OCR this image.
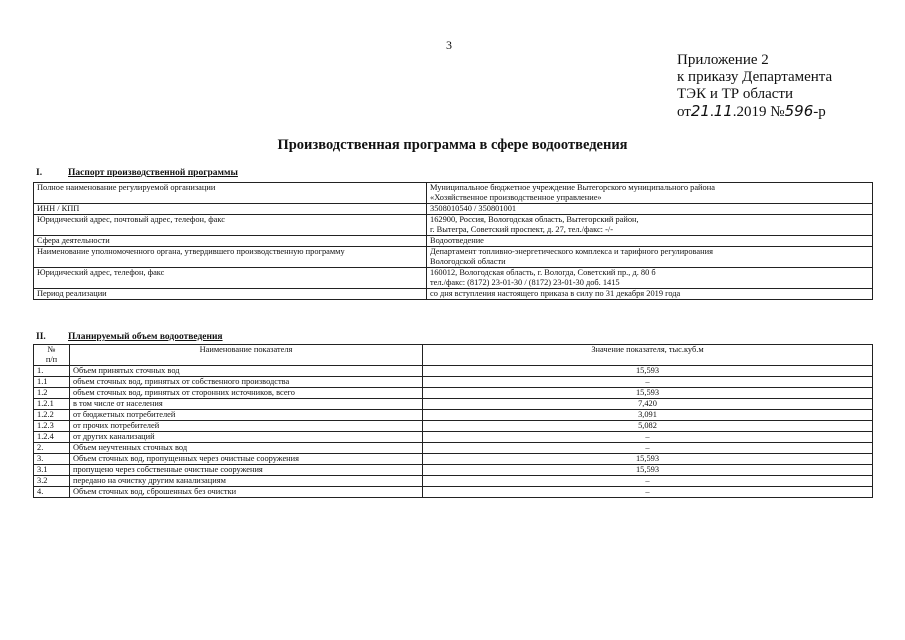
3
Приложение 2
к приказу Департамента
ТЭК и ТР области
от21.11.2019 №596-р
Производственная программа в сфере водоотведения
I.	Паспорт производственной программы
Полное наименование регулируемой организации	Муниципальное бюджетное учреждение Вытегорского муниципального района
«Хозяйственное производственное управление»

ИНН / КПП	3508010540 / 350801001

Юридический адрес, почтовый адрес, телефон, факс	162900, Россия, Вологодская область, Вытегорский район,
г. Вытегра, Советский проспект, д. 27, тел./факс: -/-

Сфера деятельности	Водоотведение

Наименование уполномоченного органа, утвердившего производственную программу	Департамент топливно-энергетического комплекса и тарифного регулирования
Вологодской области

Юридический адрес, телефон, факс	160012, Вологодская область, г. Вологда, Советский пр., д. 80 б
тел./факс: (8172) 23-01-30 / (8172) 23-01-30 доб. 1415

Период реализации	со дня вступления настоящего приказа в силу по 31 декабря 2019 года
II. Планируемый объем водоотведения
№
п/п	Наименование показателя	Значение показателя, тыс.куб.м
1.	Объем принятых сточных вод	15,593
1.1	объем сточных вод, принятых от собственного производства	–
1.2	объем сточных вод, принятых от сторонних источников, всего	15,593
1.2.1	в том числе от населения	7,420
1.2.2	от бюджетных потребителей	3,091
1.2.3	от прочих потребителей	5,082
1.2.4	от других канализаций	–
2.	Объем неучтенных сточных вод	–
3.	Объем сточных вод, пропущенных через очистные сооружения	15,593
3.1	пропущено через собственные очистные сооружения	15,593
3.2	передано на очистку другим канализациям	–
4.	Объем сточных вод, сброшенных без очистки	–
